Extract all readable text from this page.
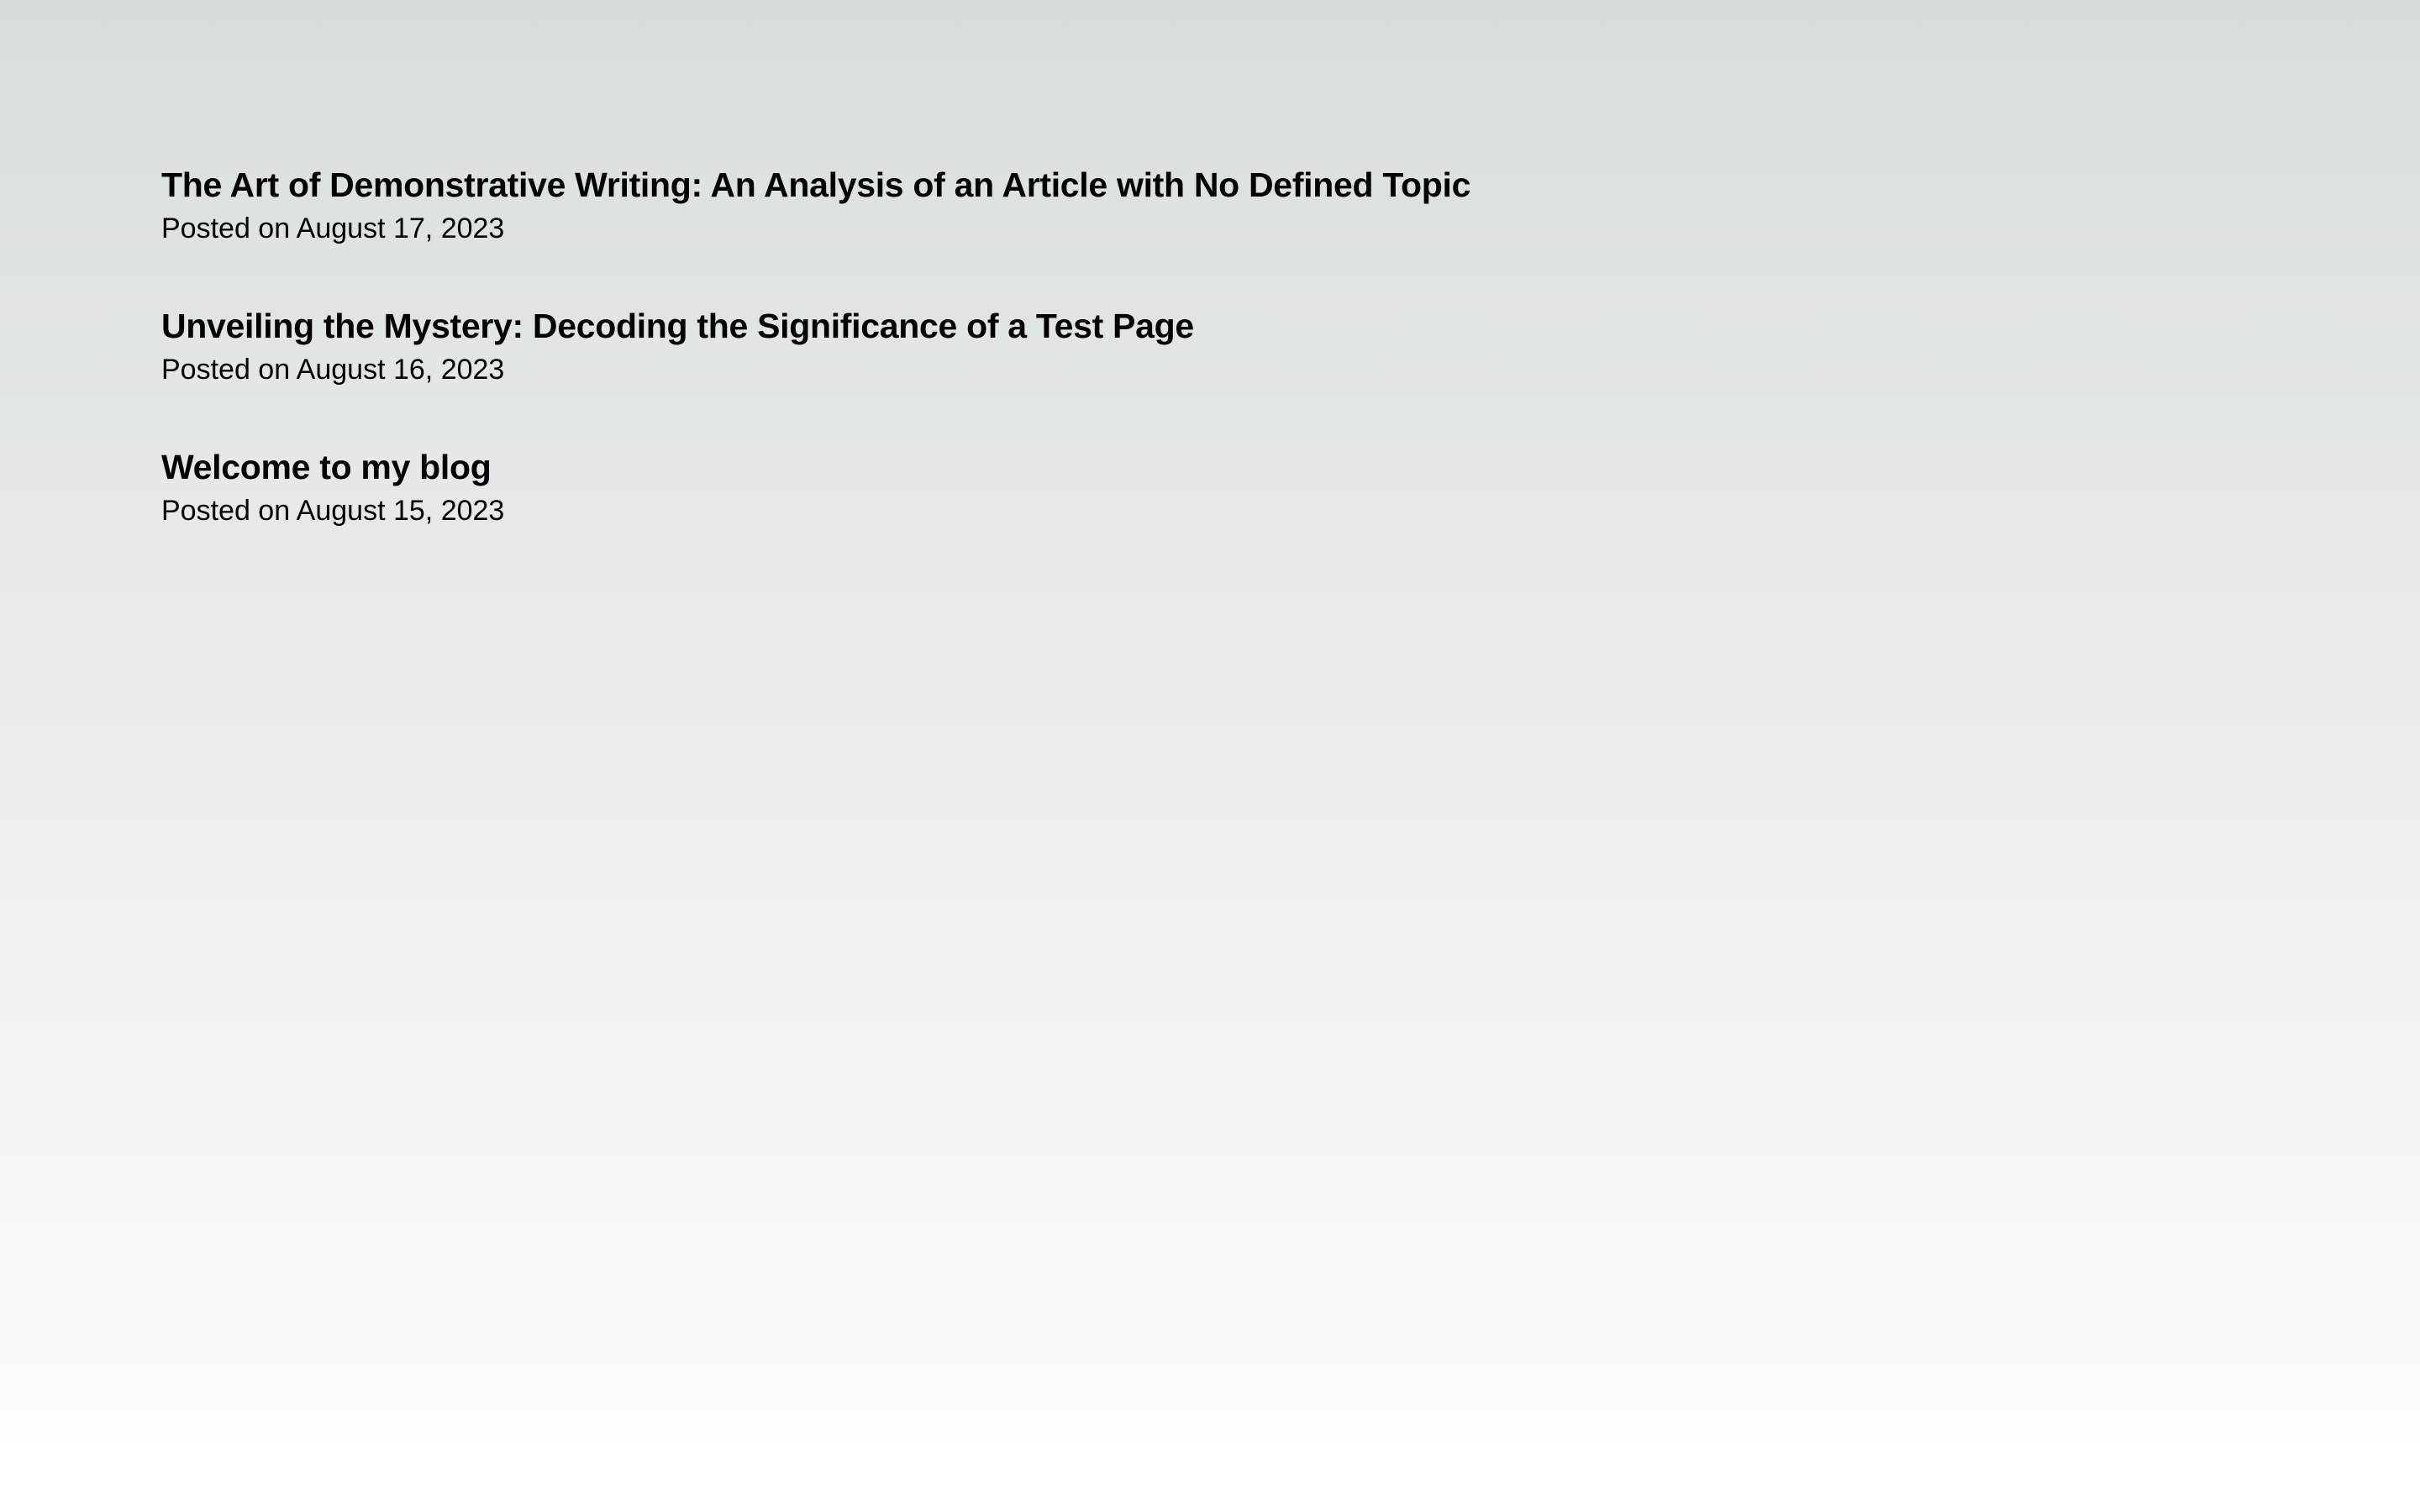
The Art of Demonstrative Writing: An Analysis of an Article with No Defined Topic

Posted on August 17, 2023

Unveiling the Mystery: Decoding the Significance of a Test Page

Posted on August 16, 2023

Welcome to my blog

Posted on August 15, 2023
